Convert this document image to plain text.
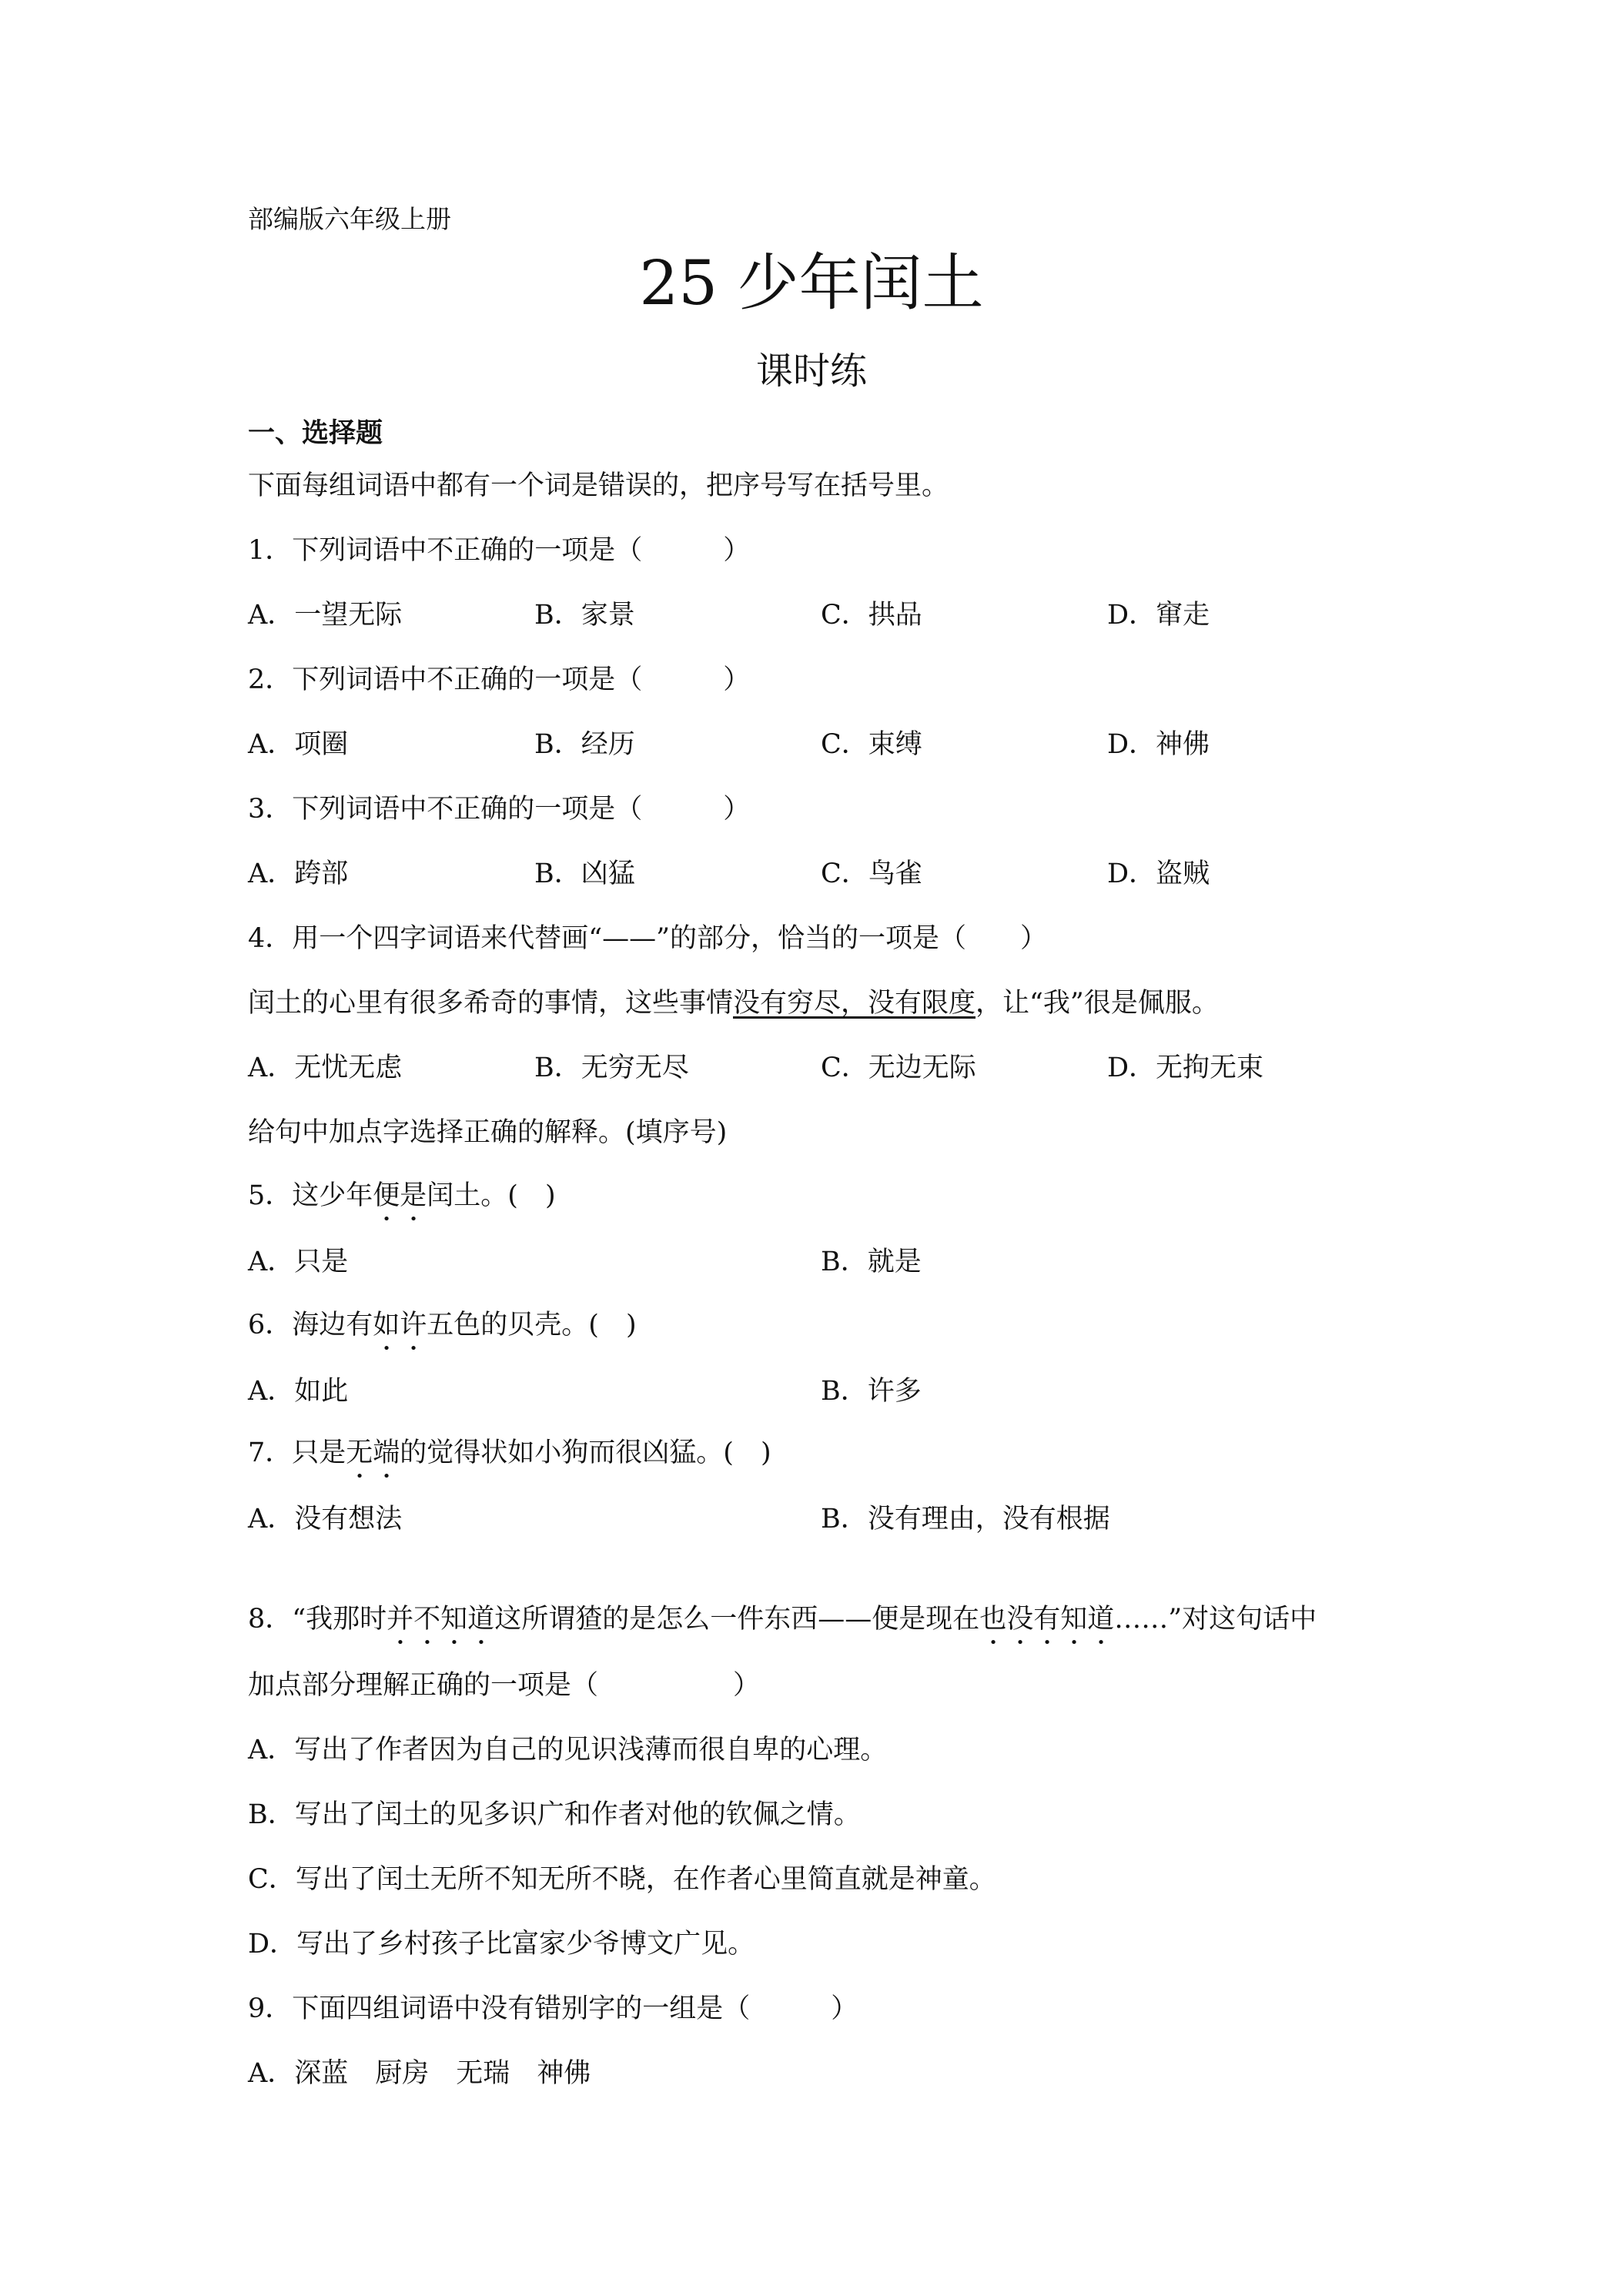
部编版六年级上册
25 少年闰土
课时练
一、选择题
下面每组词语中都有一个词是错误的，把序号写在括号里。
1．下列词语中不正确的一项是（　　　）
A．一望无际	B．家景	C．拱品	D．窜走
2．下列词语中不正确的一项是（　　　）
A．项圈	B．经历	C．束缚	D．神佛
3．下列词语中不正确的一项是（　　　）
A．跨部	B．凶猛	C．鸟雀	D．盗贼
4．用一个四字词语来代替画“——”的部分，恰当的一项是（　　）
闰土的心里有很多希奇的事情，这些事情没有穷尽，没有限度，让“我”很是佩服。
A．无忧无虑	B．无穷无尽	C．无边无际	D．无拘无束
给句中加点字选择正确的解释。(填序号)
5．这少年便是闰土。(　)
A．只是	B．就是
6．海边有如许五色的贝壳。(　)
A．如此	B．许多
7．只是无端的觉得状如小狗而很凶猛。(　)
A．没有想法	B．没有理由，没有根据
8．“我那时并不知道这所谓猹的是怎么一件东西——便是现在也没有知道……”对这句话中
加点部分理解正确的一项是（　　　　　）
A．写出了作者因为自己的见识浅薄而很自卑的心理。
B．写出了闰土的见多识广和作者对他的钦佩之情。
C．写出了闰土无所不知无所不晓，在作者心里简直就是神童。
D．写出了乡村孩子比富家少爷博文广见。
9．下面四组词语中没有错别字的一组是（　　　）
A．深蓝　厨房　无瑞　神佛
